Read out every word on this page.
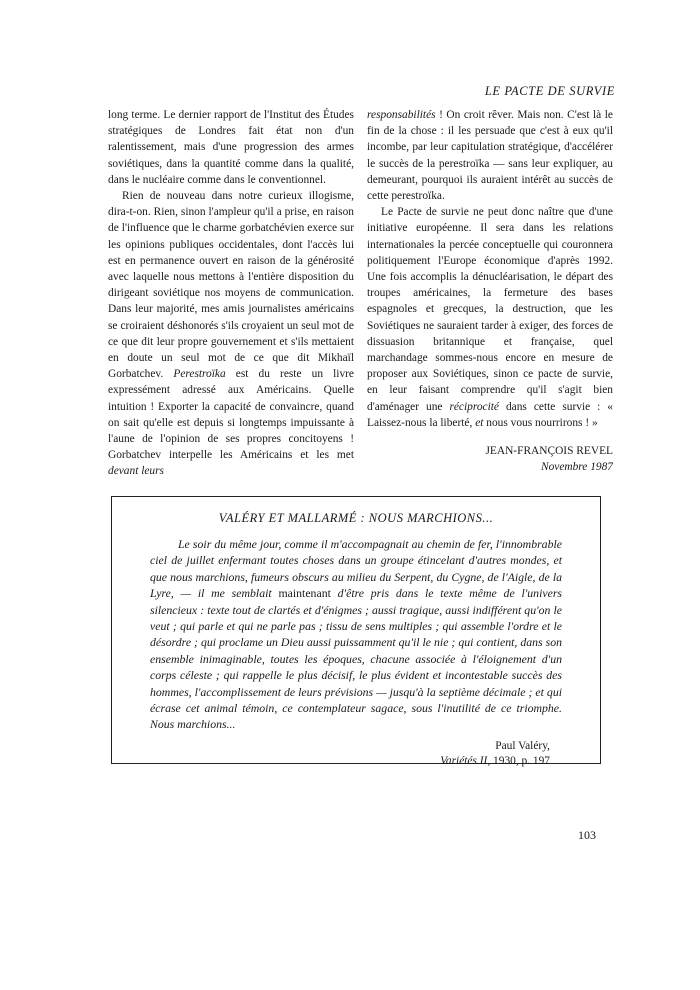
LE PACTE DE SURVIE

long terme. Le dernier rapport de l'Institut des Études stratégiques de Londres fait état non d'un ralentissement, mais d'une progression des armes soviétiques, dans la quantité comme dans la qualité, dans le nucléaire comme dans le conventionnel.

Rien de nouveau dans notre curieux illogisme, dira-t-on. Rien, sinon l'ampleur qu'il a prise, en raison de l'influence que le charme gorbatchévien exerce sur les opinions publiques occidentales, dont l'accès lui est en permanence ouvert en raison de la générosité avec laquelle nous mettons à l'entière disposition du dirigeant soviétique nos moyens de communication. Dans leur majorité, mes amis journalistes américains se croiraient déshonorés s'ils croyaient un seul mot de ce que dit leur propre gouvernement et s'ils mettaient en doute un seul mot de ce que dit Mikhaïl Gorbatchev. Perestroïka est du reste un livre expressément adressé aux Américains. Quelle intuition ! Exporter la capacité de convaincre, quand on sait qu'elle est depuis si longtemps impuissante à l'aune de l'opinion de ses propres concitoyens ! Gorbatchev interpelle les Américains et les met devant leurs

responsabilités ! On croit rêver. Mais non. C'est là le fin de la chose : il les persuade que c'est à eux qu'il incombe, par leur capitulation stratégique, d'accélérer le succès de la perestroïka — sans leur expliquer, au demeurant, pourquoi ils auraient intérêt au succès de cette perestroïka.

Le Pacte de survie ne peut donc naître que d'une initiative européenne. Il sera dans les relations internationales la percée conceptuelle qui couronnera politiquement l'Europe économique d'après 1992. Une fois accomplis la dénucléarisation, le départ des troupes américaines, la fermeture des bases espagnoles et grecques, la destruction, que les Soviétiques ne sauraient tarder à exiger, des forces de dissuasion britannique et française, quel marchandage sommes-nous encore en mesure de proposer aux Soviétiques, sinon ce pacte de survie, en leur faisant comprendre qu'il s'agit bien d'aménager une réciprocité dans cette survie : « Laissez-nous la liberté, et nous vous nourrirons ! »

JEAN-FRANÇOIS REVEL
Novembre 1987

VALÉRY ET MALLARMÉ : NOUS MARCHIONS...

Le soir du même jour, comme il m'accompagnait au chemin de fer, l'innombrable ciel de juillet enfermant toutes choses dans un groupe étincelant d'autres mondes, et que nous marchions, fumeurs obscurs au milieu du Serpent, du Cygne, de l'Aigle, de la Lyre, — il me semblait maintenant d'être pris dans le texte même de l'univers silencieux : texte tout de clartés et d'énigmes ; aussi tragique, aussi indifférent qu'on le veut ; qui parle et qui ne parle pas ; tissu de sens multiples ; qui assemble l'ordre et le désordre ; qui proclame un Dieu aussi puissamment qu'il le nie ; qui contient, dans son ensemble inimaginable, toutes les époques, chacune associée à l'éloignement d'un corps céleste ; qui rappelle le plus décisif, le plus évident et incontestable succès des hommes, l'accomplissement de leurs prévisions — jusqu'à la septième décimale ; et qui écrase cet animal témoin, ce contemplateur sagace, sous l'inutilité de ce triomphe. Nous marchions...

Paul Valéry,
Variétés II, 1930, p. 197
103
